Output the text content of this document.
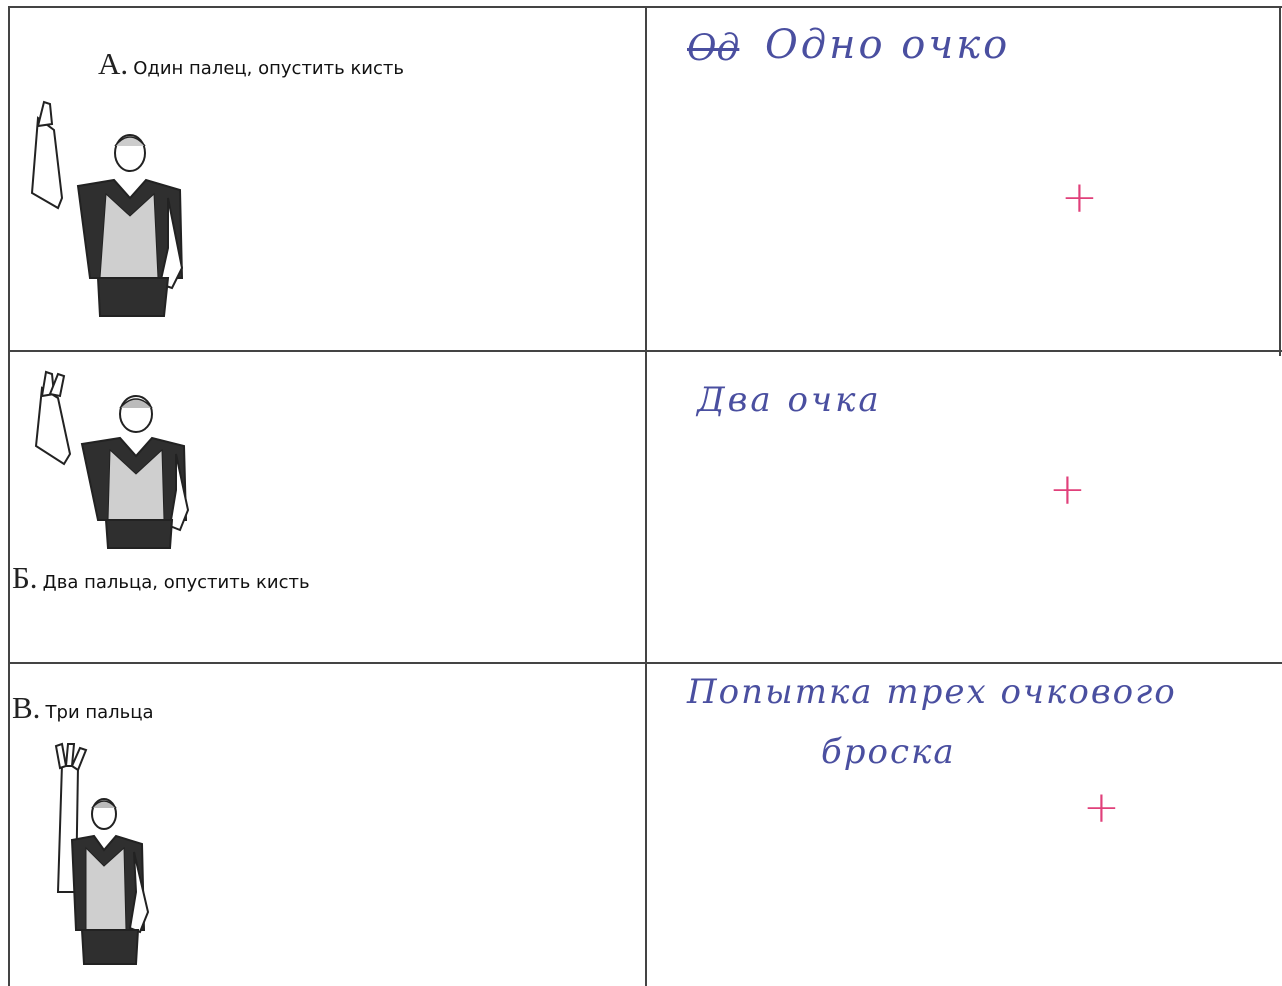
А. Один палец, опустить кисть	Од Одно очко
+
Б. Два пальца, опустить кисть
Два очка
+
В. Три пальца
Попытка трех очкового
броска
+
